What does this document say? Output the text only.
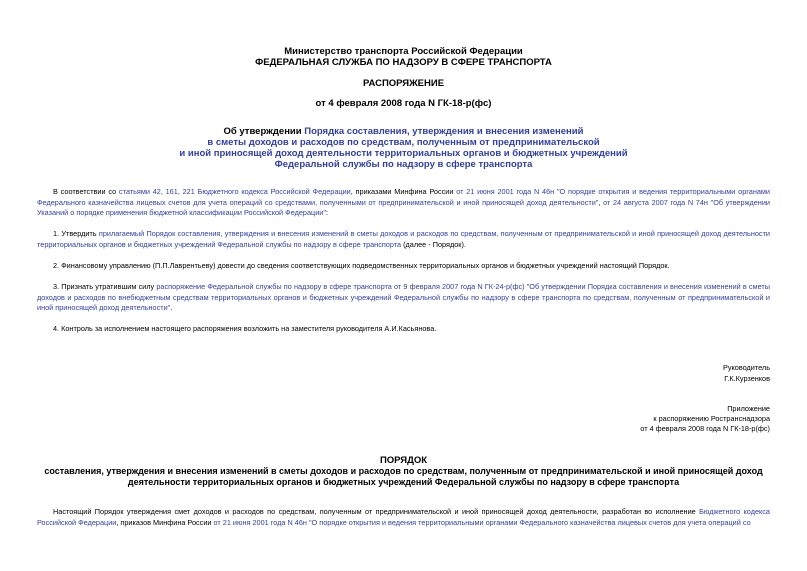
Министерство транспорта Российской Федерации
ФЕДЕРАЛЬНАЯ СЛУЖБА ПО НАДЗОРУ В СФЕРЕ ТРАНСПОРТА
РАСПОРЯЖЕНИЕ
от 4 февраля 2008 года N ГК-18-р(фс)
Об утверждении Порядка составления, утверждения и внесения изменений
в сметы доходов и расходов по средствам, полученным от предпринимательской
и иной приносящей доход деятельности территориальных органов и бюджетных учреждений
Федеральной службы по надзору в сфере транспорта
В соответствии со статьями 42, 161, 221 Бюджетного кодекса Российской Федерации, приказами Минфина России от 21 июня 2001 года N 46н "О порядке открытия и ведения территориальными органами Федерального казначейства лицевых счетов для учета операций со средствами, полученными от предпринимательской и иной приносящей доход деятельности", от 24 августа 2007 года N 74н "Об утверждении Указаний о порядке применения бюджетной классификации Российской Федерации":
1. Утвердить прилагаемый Порядок составления, утверждения и внесения изменений в сметы доходов и расходов по средствам, полученным от предпринимательской и иной приносящей доход деятельности территориальных органов и бюджетных учреждений Федеральной службы по надзору в сфере транспорта (далее - Порядок).
2. Финансовому управлению (П.П.Лаврентьеву) довести до сведения соответствующих подведомственных территориальных органов и бюджетных учреждений настоящий Порядок.
3. Признать утратившим силу распоряжение Федеральной службы по надзору в сфере транспорта от 9 февраля 2007 года N ГК-24-р(фс) "Об утверждении Порядка составления и внесения изменений в сметы доходов и расходов по внебюджетным средствам территориальных органов и бюджетных учреждений Федеральной службы по надзору в сфере транспорта по средствам, полученным от предпринимательской и иной приносящей доход деятельности".
4. Контроль за исполнением настоящего распоряжения возложить на заместителя руководителя А.И.Касьянова.
Руководитель
Г.К.Курзенков
Приложение
к распоряжению Ространснадзора
от 4 февраля 2008 года N ГК-18-р(фс)
ПОРЯДОК
составления, утверждения и внесения изменений в сметы доходов и расходов по средствам, полученным от предпринимательской и иной приносящей доход
деятельности территориальных органов и бюджетных учреждений Федеральной службы по надзору в сфере транспорта
Настоящий Порядок утверждения смет доходов и расходов по средствам, полученным от предпринимательской и иной приносящей доход деятельности, разработан во исполнение Бюджетного кодекса Российской Федерации, приказов Минфина России от 21 июня 2001 года N 46н "О порядке открытия и ведения территориальными органами Федерального казначейства лицевых счетов для учета операций со
